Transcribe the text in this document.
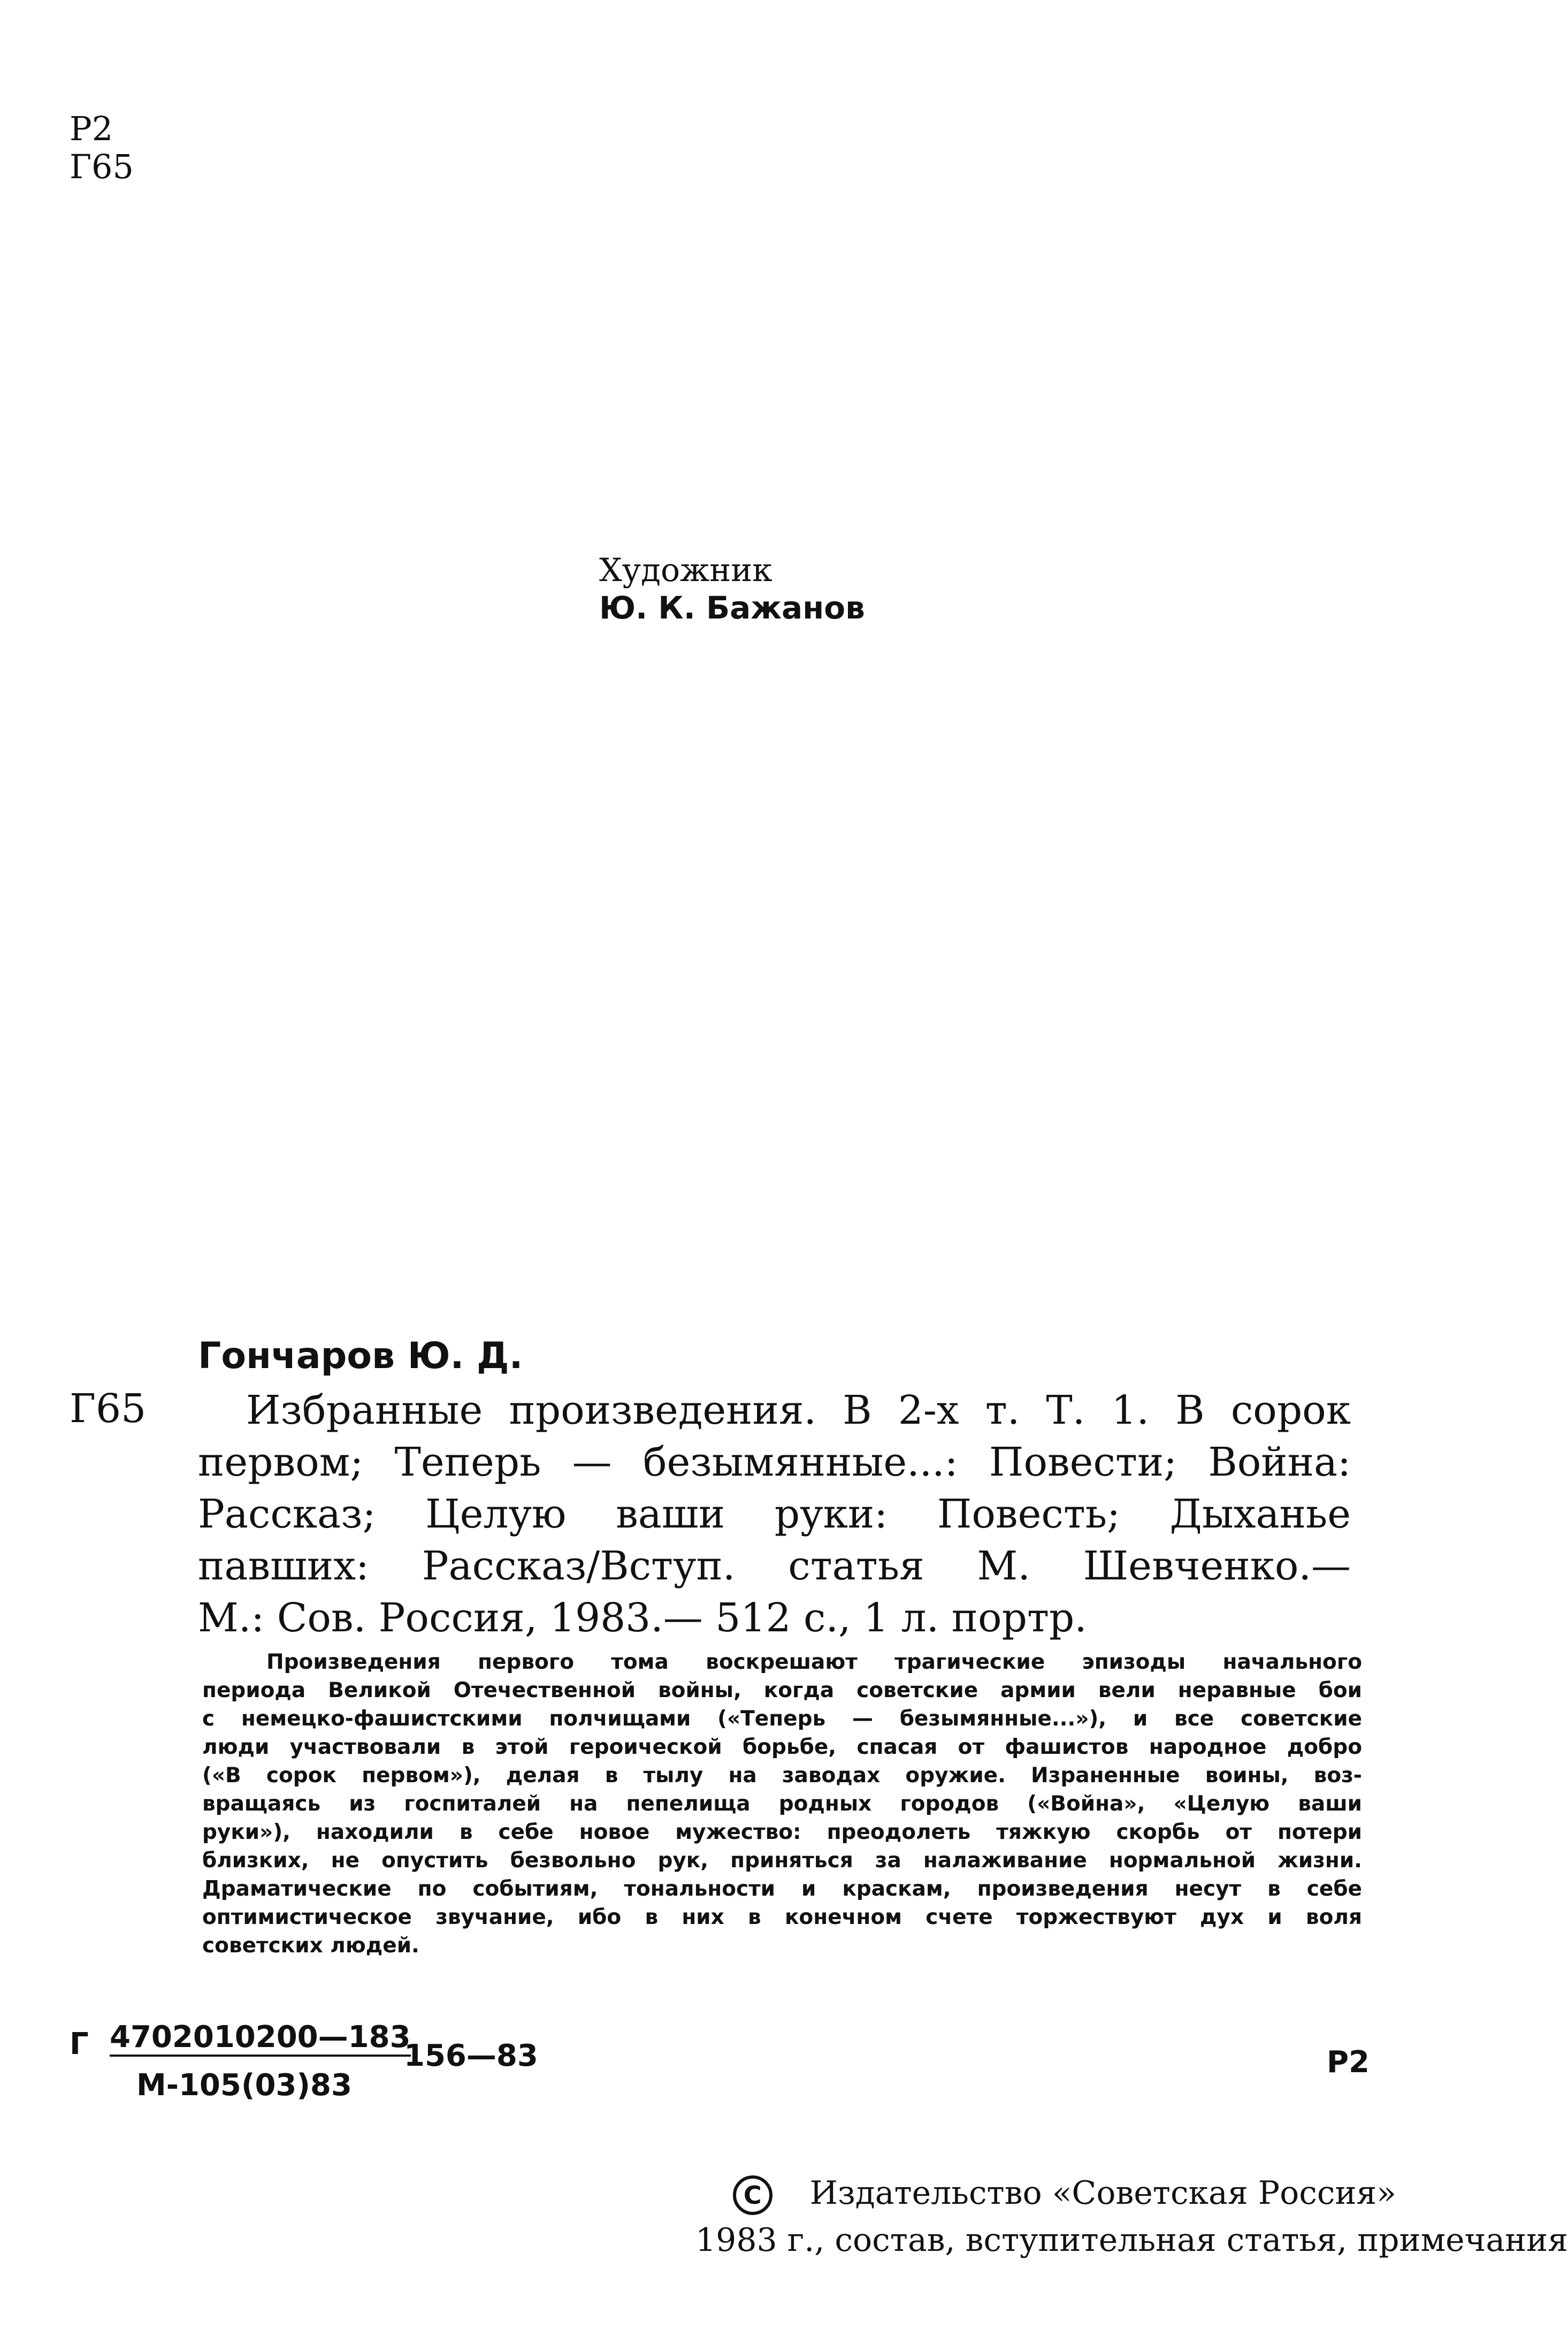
Р2
Г65
Художник
Ю. К. Бажанов
Гончаров Ю. Д.
Г65	Избранные произведения. В 2-х т. Т. 1. В сорок
первом; Теперь — безымянные...: Повести; Война:
Рассказ; Целую ваши руки: Повесть; Дыханье
павших: Рассказ/Вступ. статья М. Шевченко.—
М.: Сов. Россия, 1983.— 512 с., 1 л. портр.
Произведения первого тома воскрешают трагические эпизоды начального
периода Великой Отечественной войны, когда советские армии вели неравные бои
с немецко-фашистскими полчищами («Теперь — безымянные...»), и все советские
люди участвовали в этой героической борьбе, спасая от фашистов народное добро
(«В сорок первом»), делая в тылу на заводах оружие. Израненные воины, воз-
вращаясь из госпиталей на пепелища родных городов («Война», «Целую ваши
руки»), находили в себе новое мужество: преодолеть тяжкую скорбь от потери
близких, не опустить безвольно рук, приняться за налаживание нормальной жизни.
Драматические по событиям, тональности и краскам, произведения несут в себе
оптимистическое звучание, ибо в них в конечном счете торжествуют дух и воля
советских людей.
Г 4702010200—183
М-105(03)83
156—83	Р2
C Издательство «Советская Россия»
1983 г., состав, вступительная статья, примечания
